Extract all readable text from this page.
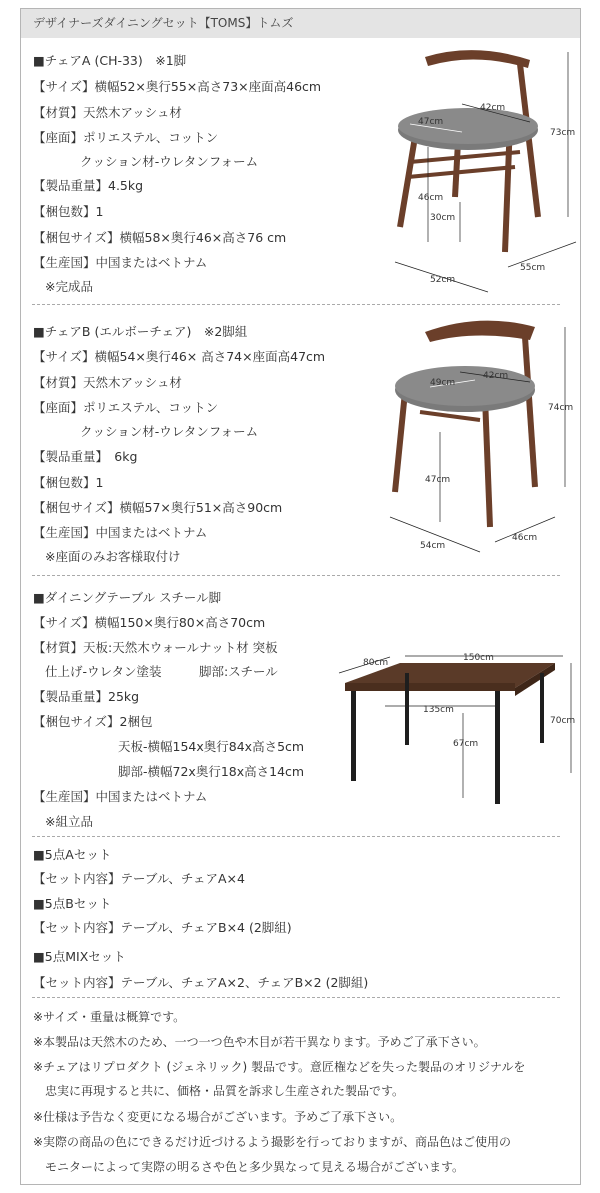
デザイナーズダイニングセット【TOMS】トムズ
■チェアA (CH-33)　※1脚
【サイズ】横幅52×奥行55×高さ73×座面高46cm
【材質】天然木アッシュ材
【座面】ポリエステル、コットン
クッション材-ウレタンフォーム
【製品重量】4.5kg
【梱包数】1
【梱包サイズ】横幅58×奥行46×高さ76 cm
【生産国】中国またはベトナム
※完成品
47cm
42cm
73cm
46cm
30cm
52cm
55cm
■チェアB (エルボーチェア)　※2脚組
【サイズ】横幅54×奥行46× 高さ74×座面高47cm
【材質】天然木アッシュ材
【座面】ポリエステル、コットン
クッション材-ウレタンフォーム
【製品重量】　6kg
【梱包数】1
【梱包サイズ】横幅57×奥行51×高さ90cm
【生産国】中国またはベトナム
※座面のみお客様取付け
49cm
42cm
74cm
47cm
54cm
46cm
■ダイニングテーブル スチール脚
【サイズ】横幅150×奥行80×高さ70cm
【材質】天板:天然木ウォールナット材 突板
仕上げ-ウレタン塗装　　　脚部:スチール
【製品重量】25kg
【梱包サイズ】2梱包
天板-横幅154x奥行84x高さ5cm
脚部-横幅72x奥行18x高さ14cm
【生産国】中国またはベトナム
※組立品
80cm	150cm
135cm
70cm
67cm
■5点Aセット
【セット内容】テーブル、チェアA×4
■5点Bセット
【セット内容】テーブル、チェアB×4 (2脚組)
■5点MIXセット
【セット内容】テーブル、チェアA×2、チェアB×2 (2脚組)
※サイズ・重量は概算です。
※本製品は天然木のため、一つ一つ色や木目が若干異なります。予めご了承下さい。
※チェアはリプロダクト (ジェネリック) 製品です。意匠権などを失った製品のオリジナルを
忠実に再現すると共に、価格・品質を訴求し生産された製品です。
※仕様は予告なく変更になる場合がございます。予めご了承下さい。
※実際の商品の色にできるだけ近づけるよう撮影を行っておりますが、商品色はご使用の
モニターによって実際の明るさや色と多少異なって見える場合がございます。
